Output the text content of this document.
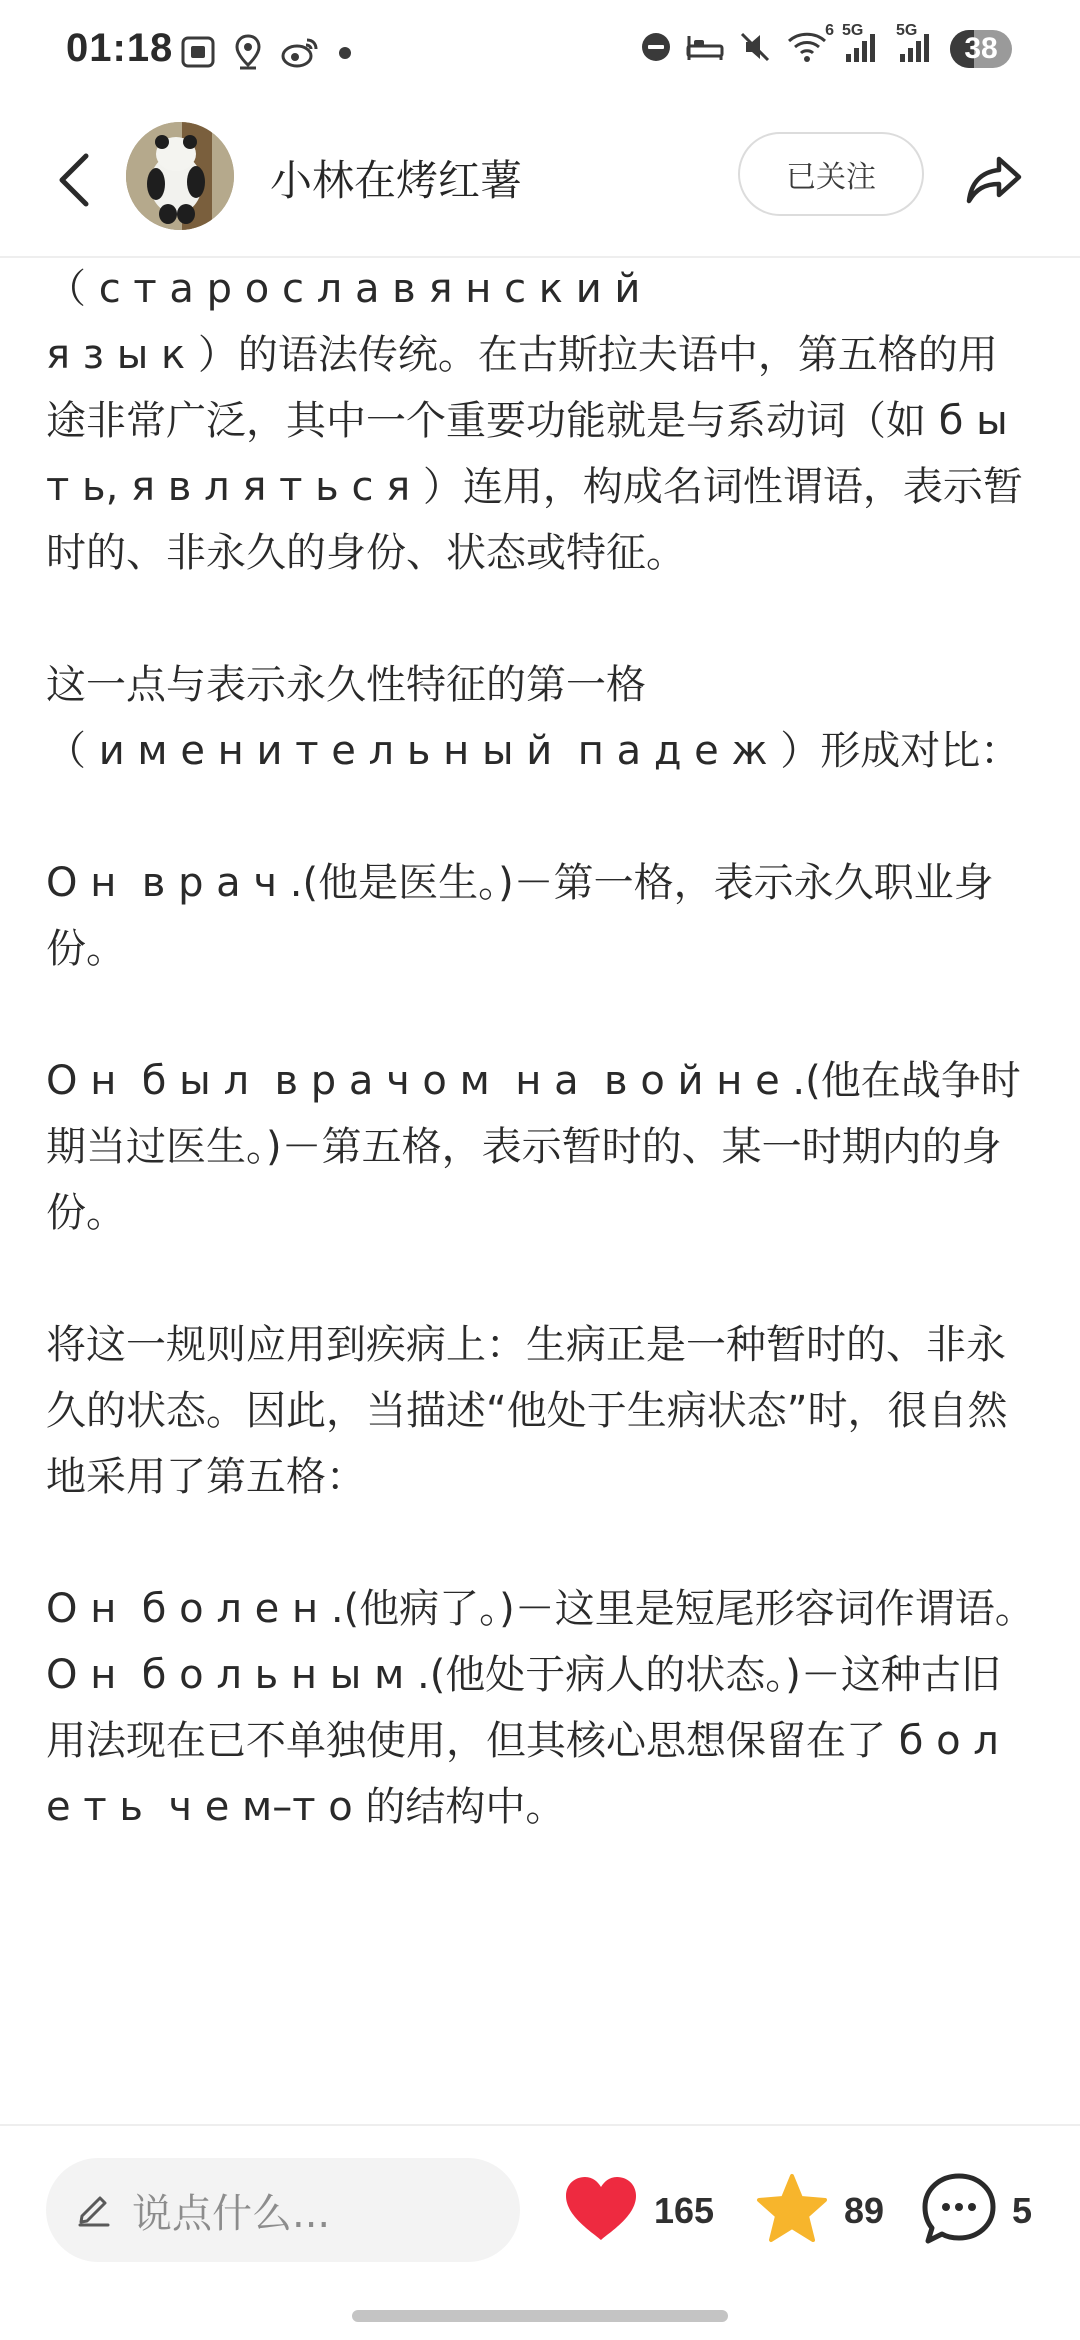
01:18	6 5G 5G
38
小林在烤红薯	已关注

（ с т а р о с л а в я н с к и й
я з ы к ）的语法传统。在古斯拉夫语中，第五格的用途非常广泛，其中一个重要功能就是与系动词（如 б ы т ь, я в л я т ь с я ）连用，构成名词性谓语，表示暂时的、非永久的身份、状态或特征。

这一点与表示永久性特征的第一格
（ и м е н и т е л ь н ы й  п а д е ж ）形成对比：

О н  в р а ч .(他是医生。)－第一格，表示永久职业身份。

О н  б ы л  в р а ч о м  н а  в о й н е .(他在战争时期当过医生。)－第五格，表示暂时的、某一时期内的身份。

将这一规则应用到疾病上：生病正是一种暂时的、非永久的状态。因此，当描述“他处于生病状态”时，很自然地采用了第五格：

О н  б о л е н .(他病了。)－这里是短尾形容词作谓语。
О н  б о л ь н ы м .(他处于病人的状态。)－这种古旧用法现在已不单独使用，但其核心思想保留在了 б о л е т ь  ч е м–т о 的结构中。

说点什么...	165	89	5
